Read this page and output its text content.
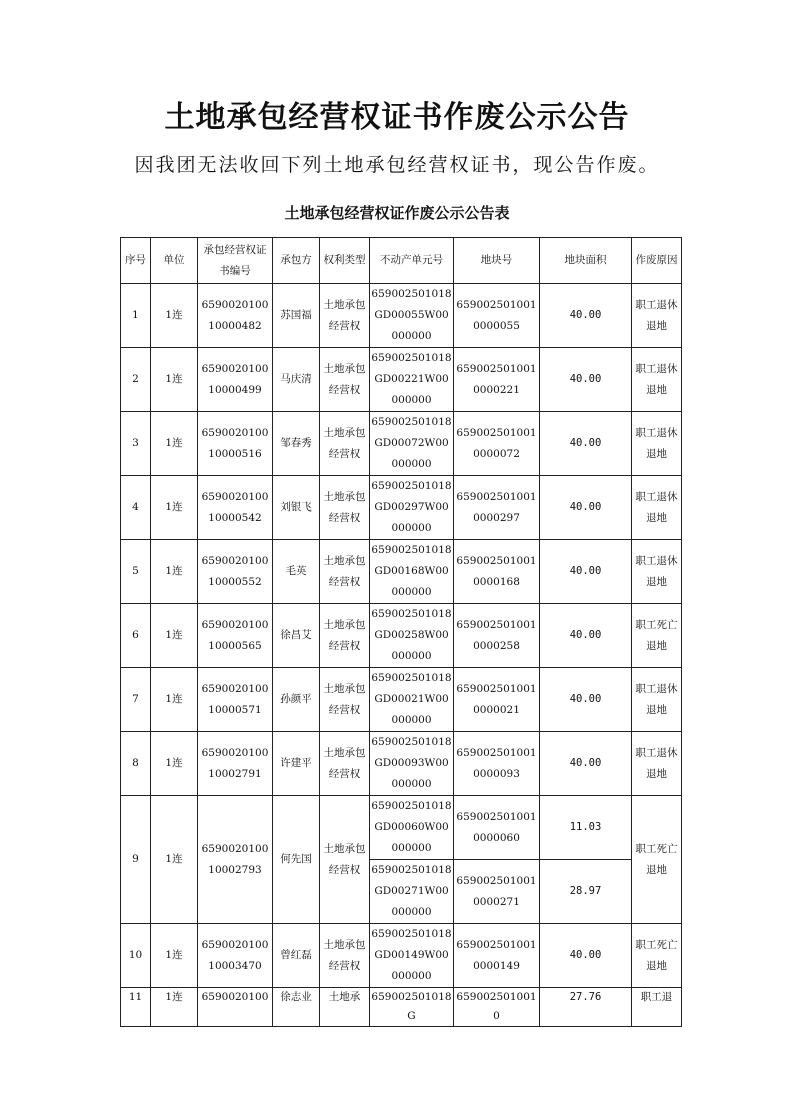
土地承包经营权证书作废公示公告

因我团无法收回下列土地承包经营权证书，现公告作废。

土地承包经营权证作废公示公告表

序号	单位	承包经营权证书编号	承包方	权利类型	不动产单元号	地块号	地块面积	作废原因
1	1连	659002010010000482	苏国福	土地承包经营权	659002501018GD00055W00000000	6590025010010000055	40.00	职工退休退地
2	1连	659002010010000499	马庆清	土地承包经营权	659002501018GD00221W00000000	6590025010010000221	40.00	职工退休退地
3	1连	659002010010000516	邹春秀	土地承包经营权	659002501018GD00072W00000000	6590025010010000072	40.00	职工退休退地
4	1连	659002010010000542	刘银飞	土地承包经营权	659002501018GD00297W00000000	6590025010010000297	40.00	职工退休退地
5	1连	659002010010000552	毛英	土地承包经营权	659002501018GD00168W00000000	6590025010010000168	40.00	职工退休退地
6	1连	659002010010000565	徐昌艾	土地承包经营权	659002501018GD00258W00000000	6590025010010000258	40.00	职工死亡退地
7	1连	659002010010000571	孙颜平	土地承包经营权	659002501018GD00021W00000000	6590025010010000021	40.00	职工退休退地
8	1连	659002010010002791	许建平	土地承包经营权	659002501018GD00093W00000000	6590025010010000093	40.00	职工退休退地
9	1连	659002010010002793	何先国	土地承包经营权	659002501018GD00060W00000000	6590025010010000060	11.03	职工死亡退地
					659002501018GD00271W00000000	6590025010010000271	28.97	
10	1连	659002010010003470	曾红磊	土地承包经营权	659002501018GD00149W00000000	6590025010010000149	40.00	职工死亡退地
11	1连	6590020100	徐志业	土地承	659002501018G	6590025010010	27.76	职工退
